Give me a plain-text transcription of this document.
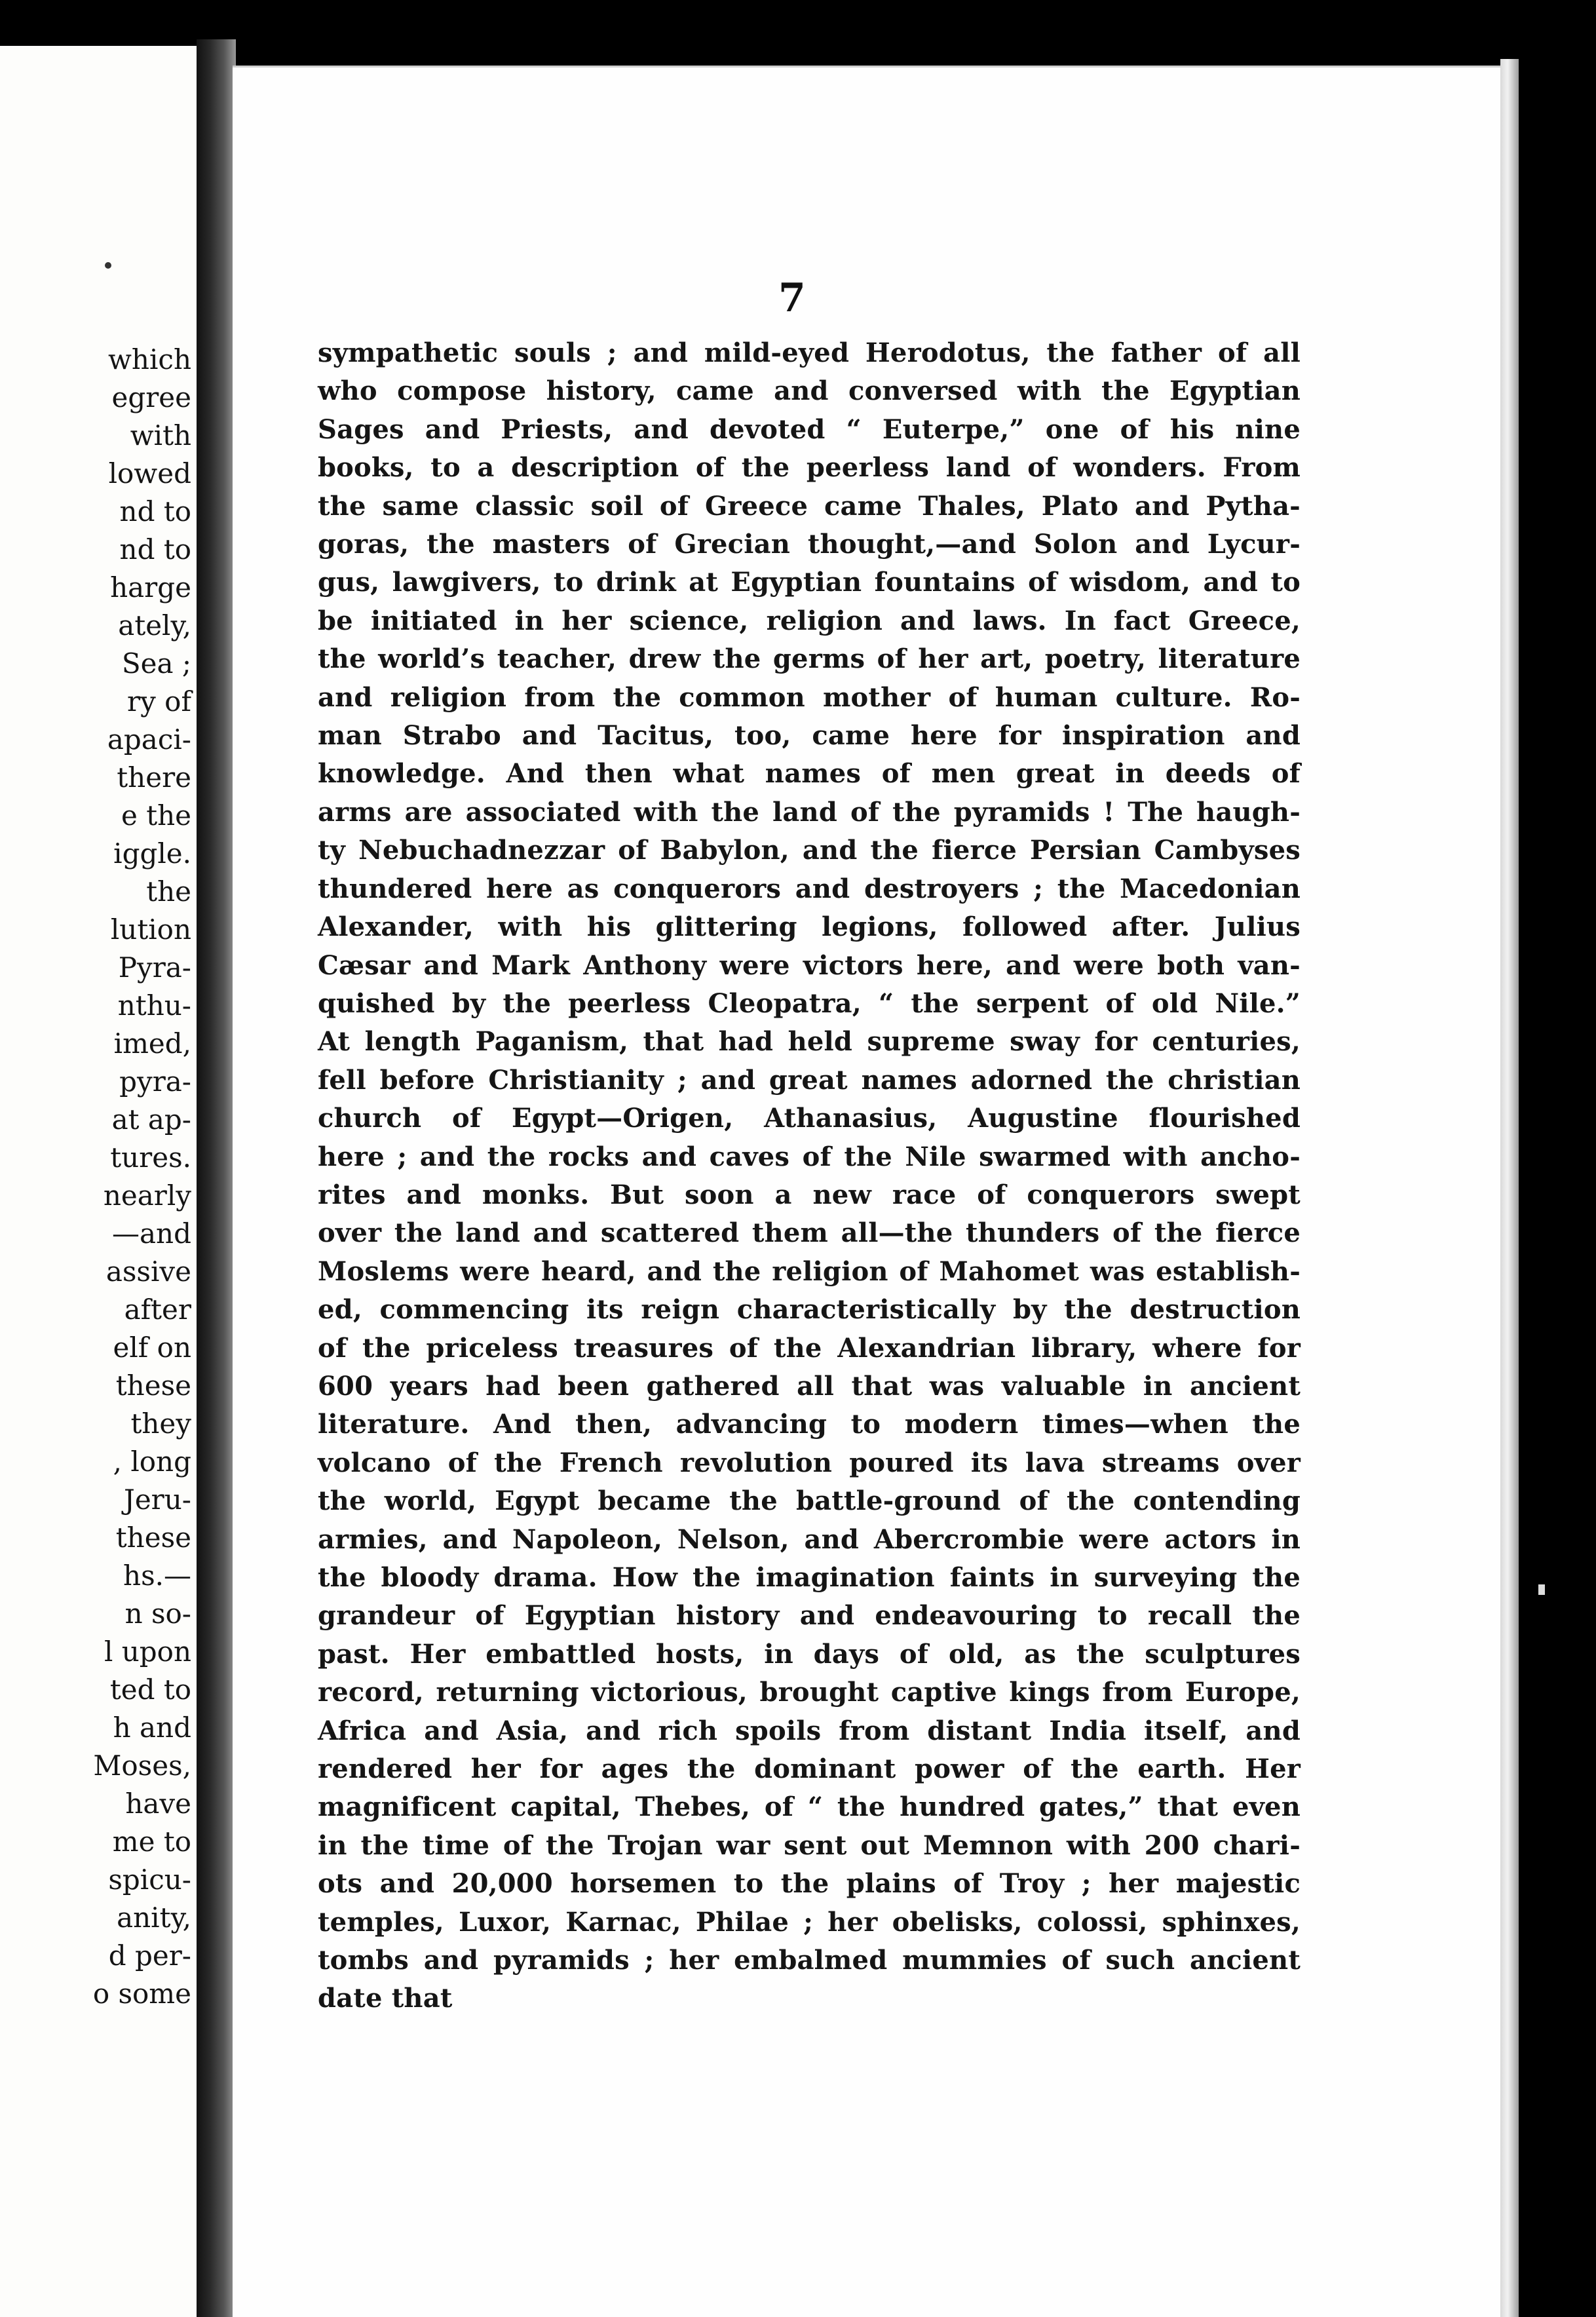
which
egree
with
lowed
nd to
nd to
harge
ately,
Sea ;
ry of
apaci-
there
e the
iggle.
the
lution
Pyra-
nthu-
imed,
pyra-
at ap-
tures.
nearly
—and
assive
after
elf on
these
they
, long
Jeru-
these
hs.—
n so-
l upon
ted to
h and
Moses,
have
me to
spicu-
anity,
d per-
o some
7
sympathetic souls ; and mild-eyed Herodotus, the father of all
who compose history, came and conversed with the Egyptian
Sages and Priests, and devoted “ Euterpe,” one of his nine
books, to a description of the peerless land of wonders. From
the same classic soil of Greece came Thales, Plato and Pytha-
goras, the masters of Grecian thought,—and Solon and Lycur-
gus, lawgivers, to drink at Egyptian fountains of wisdom, and to
be initiated in her science, religion and laws. In fact Greece,
the world’s teacher, drew the germs of her art, poetry, literature
and religion from the common mother of human culture. Ro-
man Strabo and Tacitus, too, came here for inspiration and
knowledge. And then what names of men great in deeds of
arms are associated with the land of the pyramids ! The haugh-
ty Nebuchadnezzar of Babylon, and the fierce Persian Cambyses
thundered here as conquerors and destroyers ; the Macedonian
Alexander, with his glittering legions, followed after. Julius
Cæsar and Mark Anthony were victors here, and were both van-
quished by the peerless Cleopatra, “ the serpent of old Nile.”
At length Paganism, that had held supreme sway for centuries,
fell before Christianity ; and great names adorned the christian
church of Egypt—Origen, Athanasius, Augustine flourished
here ; and the rocks and caves of the Nile swarmed with ancho-
rites and monks. But soon a new race of conquerors swept
over the land and scattered them all—the thunders of the fierce
Moslems were heard, and the religion of Mahomet was establish-
ed, commencing its reign characteristically by the destruction
of the priceless treasures of the Alexandrian library, where for
600 years had been gathered all that was valuable in ancient
literature. And then, advancing to modern times—when the
volcano of the French revolution poured its lava streams over
the world, Egypt became the battle-ground of the contending
armies, and Napoleon, Nelson, and Abercrombie were actors in
the bloody drama. How the imagination faints in surveying the
grandeur of Egyptian history and endeavouring to recall the
past. Her embattled hosts, in days of old, as the sculptures
record, returning victorious, brought captive kings from Europe,
Africa and Asia, and rich spoils from distant India itself, and
rendered her for ages the dominant power of the earth. Her
magnificent capital, Thebes, of “ the hundred gates,” that even
in the time of the Trojan war sent out Memnon with 200 chari-
ots and 20,000 horsemen to the plains of Troy ; her majestic
temples, Luxor, Karnac, Philae ; her obelisks, colossi, sphinxes,
tombs and pyramids ; her embalmed mummies of such ancient
date that
